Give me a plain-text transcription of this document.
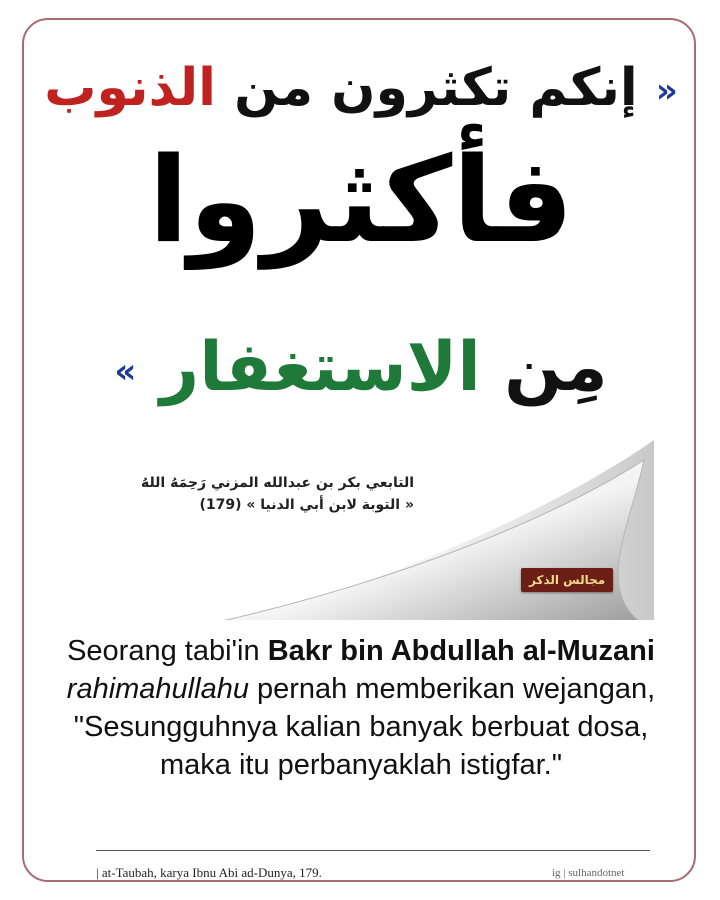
« إنكم تكثرون من الذنوب
فأكثروا
مِن الاستغفار »
التابعي بكر بن عبدالله المزني رَحِمَهُ اللهُ
« التوبة لابن أبي الدنيا » (179)
مجالس الذكر
Seorang tabi'in Bakr bin Abdullah al-Muzani rahimahullahu pernah memberikan wejangan, "Sesungguhnya kalian banyak berbuat dosa, maka itu perbanyaklah istigfar."
| at-Taubah, karya Ibnu Abi ad-Dunya, 179.	ig | sulhandotnet
